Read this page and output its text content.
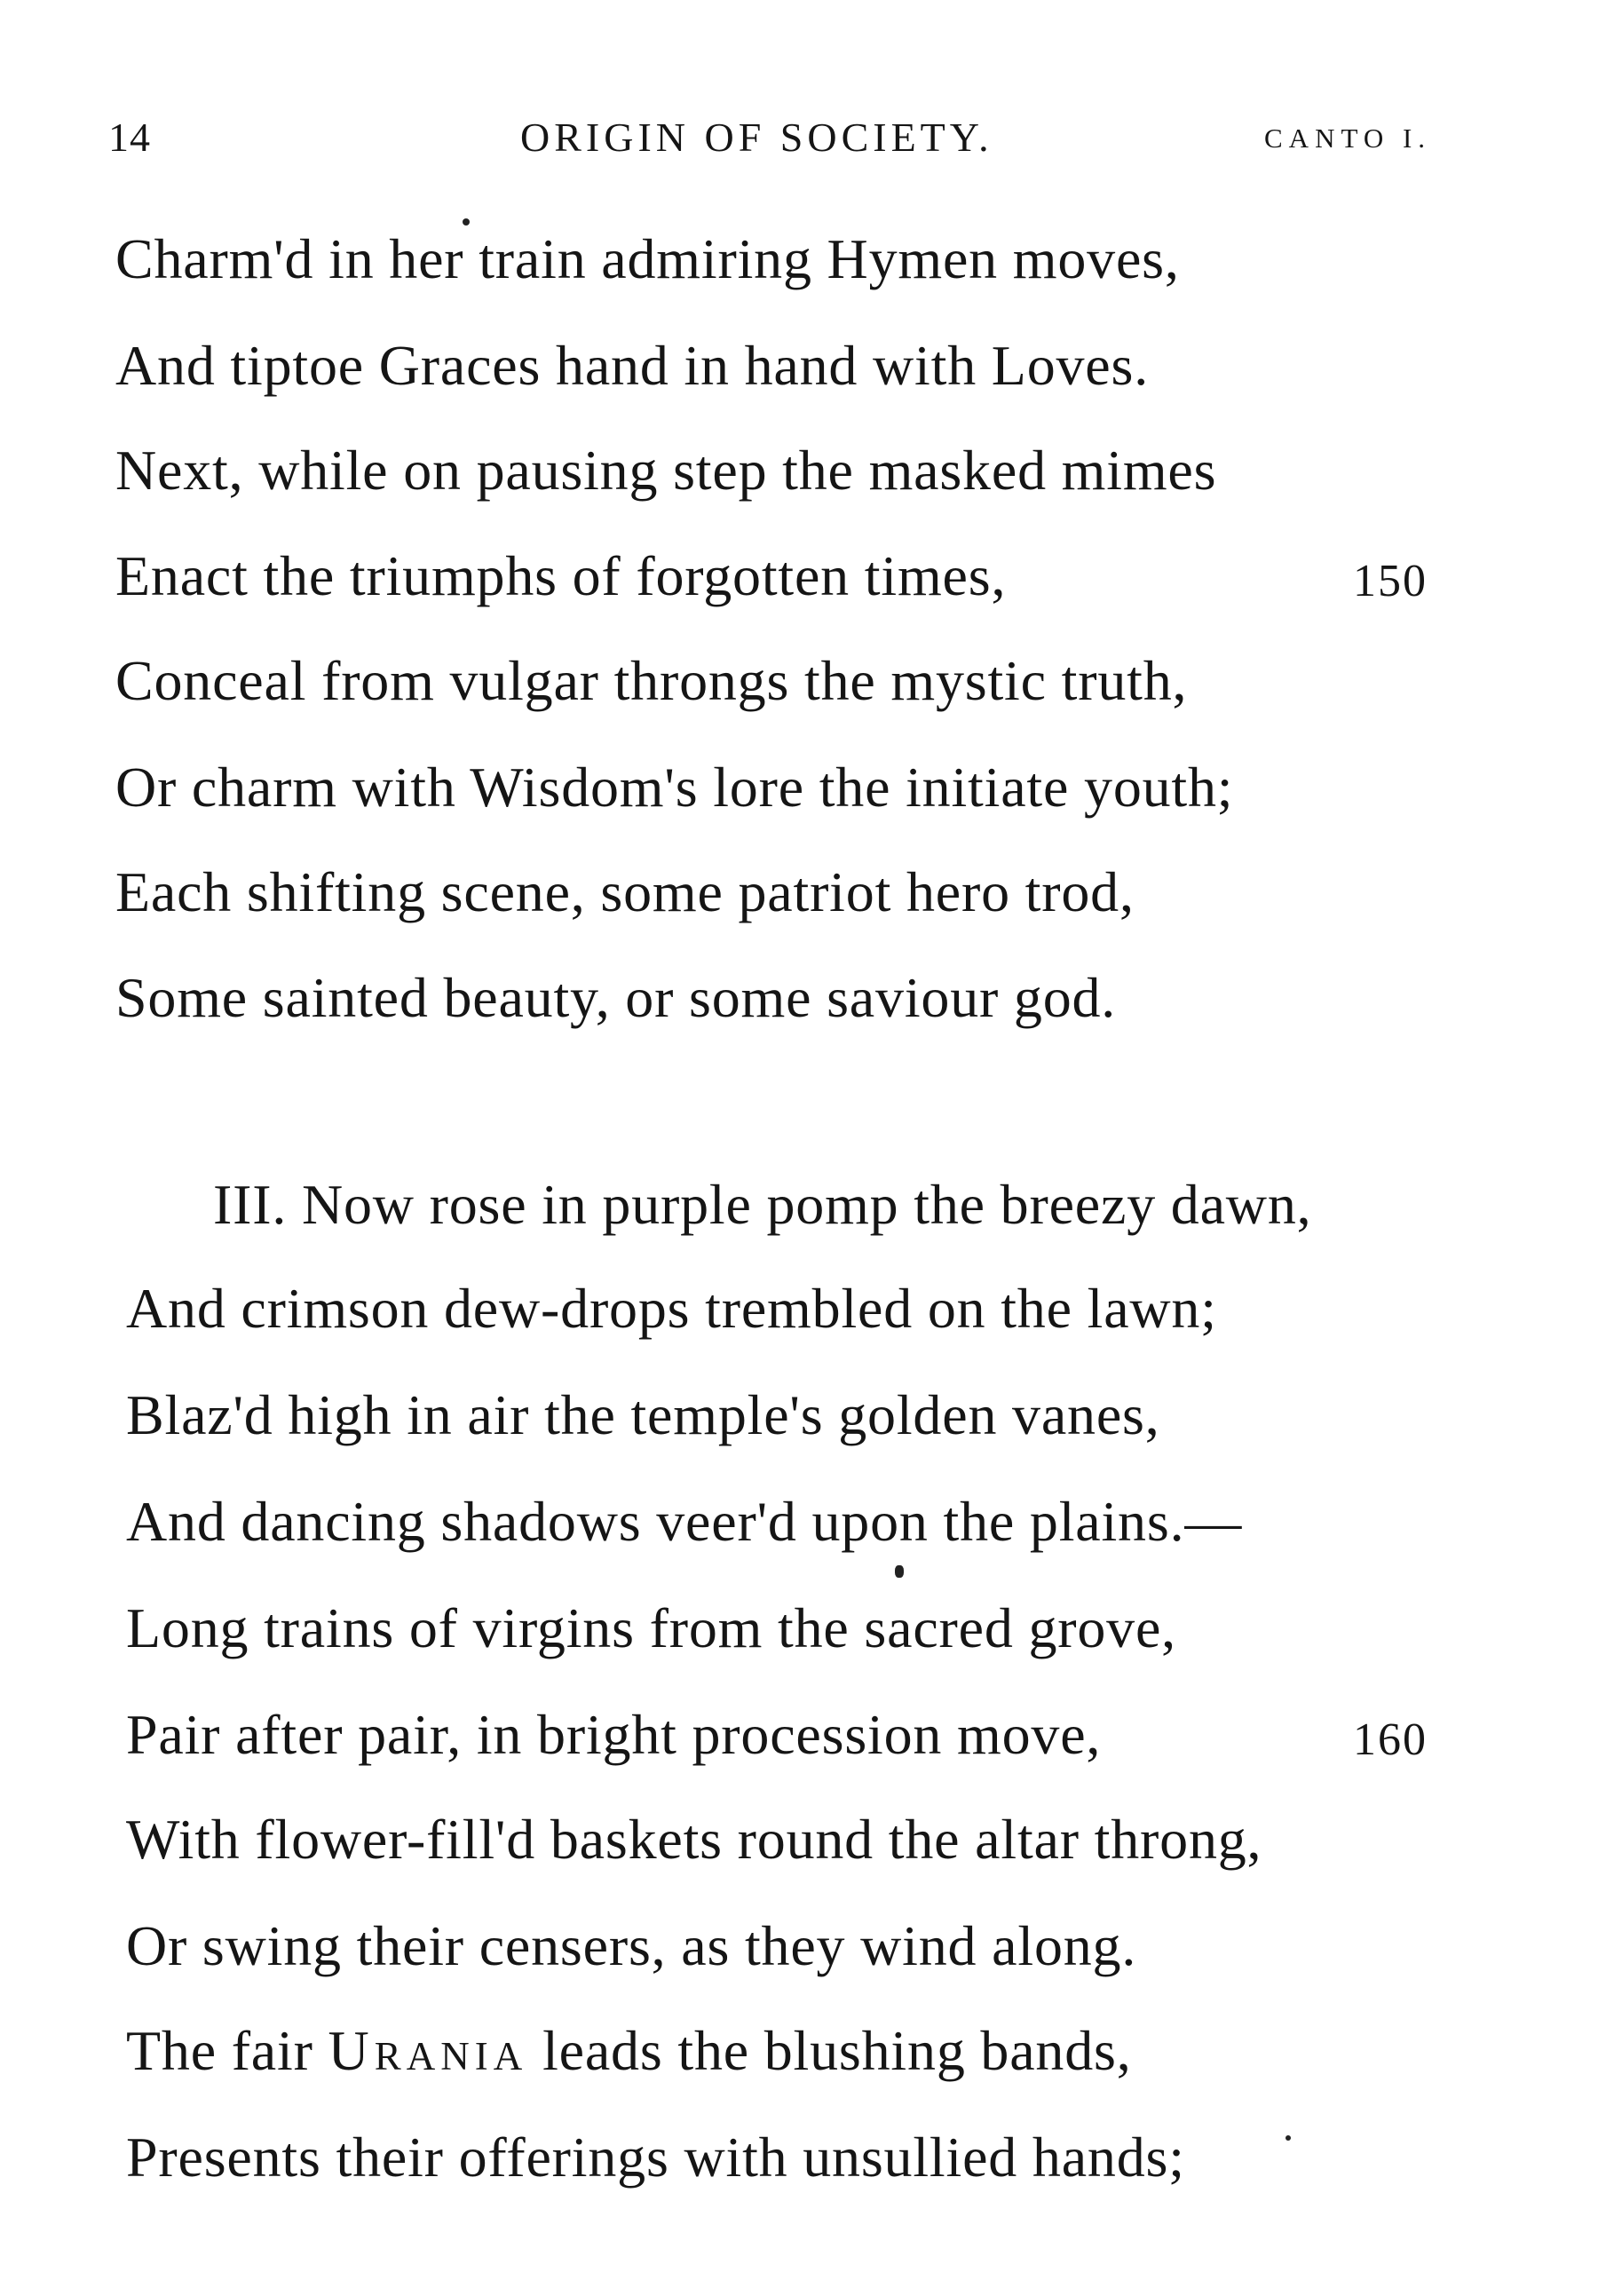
14	ORIGIN OF SOCIETY.	CANTO I.
Charm'd in her train admiring Hymen moves,
And tiptoe Graces hand in hand with Loves.
Next, while on pausing step the masked mimes
Enact the triumphs of forgotten times,	150
Conceal from vulgar throngs the mystic truth,
Or charm with Wisdom's lore the initiate youth;
Each shifting scene, some patriot hero trod,
Some sainted beauty, or some saviour god.
III. Now rose in purple pomp the breezy dawn,
And crimson dew-drops trembled on the lawn;
Blaz'd high in air the temple's golden vanes,
And dancing shadows veer'd upon the plains.—
Long trains of virgins from the sacred grove,
Pair after pair, in bright procession move,	160
With flower-fill'd baskets round the altar throng,
Or swing their censers, as they wind along.
The fair Urania leads the blushing bands,
Presents their offerings with unsullied hands;
